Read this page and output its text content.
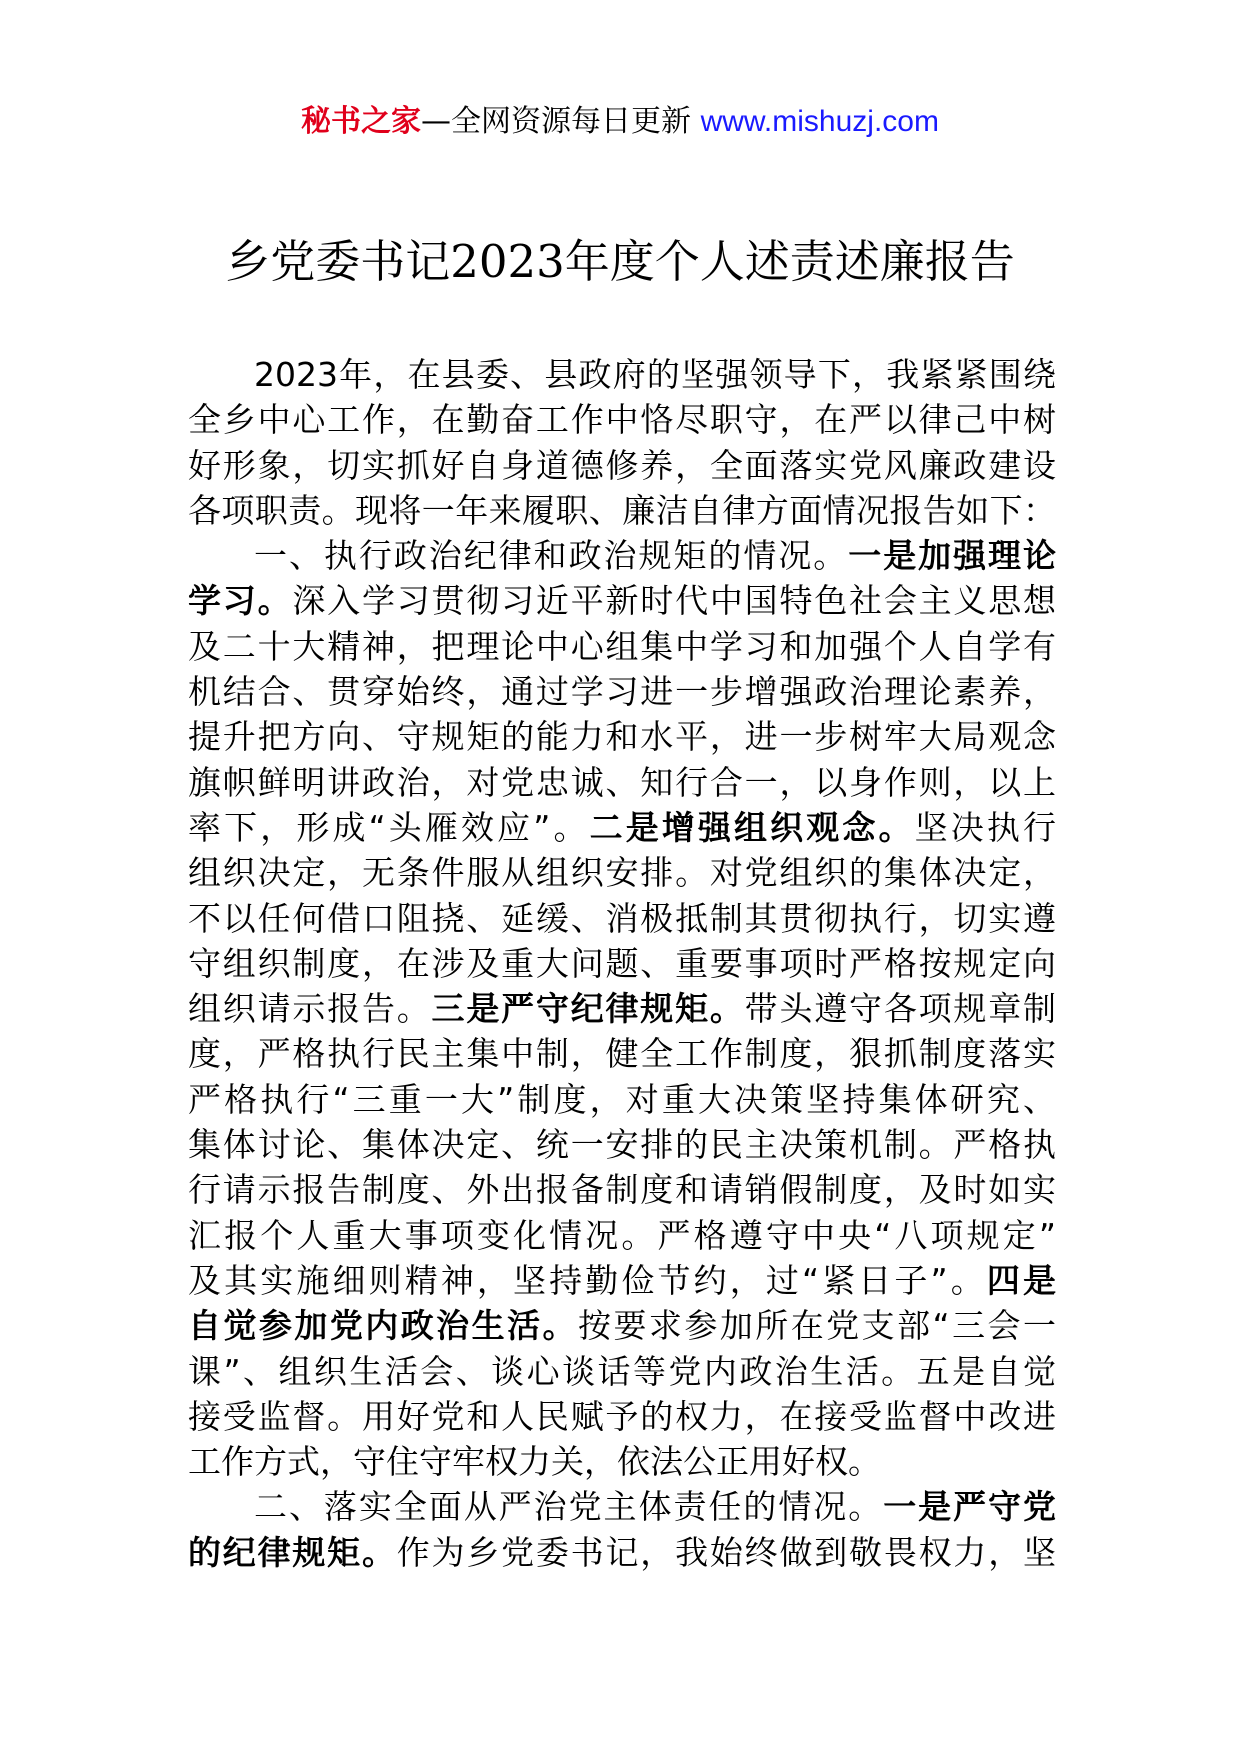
秘书之家—全网资源每日更新 www.mishuzj.com
乡党委书记2023年度个人述责述廉报告
2023年，在县委、县政府的坚强领导下，我紧紧围绕
全乡中心工作，在勤奋工作中恪尽职守，在严以律己中树
好形象，切实抓好自身道德修养，全面落实党风廉政建设
各项职责。现将一年来履职、廉洁自律方面情况报告如下：
一、执行政治纪律和政治规矩的情况。一是加强理论
学习。深入学习贯彻习近平新时代中国特色社会主义思想
及二十大精神，把理论中心组集中学习和加强个人自学有
机结合、贯穿始终，通过学习进一步增强政治理论素养，
提升把方向、守规矩的能力和水平，进一步树牢大局观念
旗帜鲜明讲政治，对党忠诚、知行合一，以身作则，以上
率下，形成“头雁效应”。二是增强组织观念。坚决执行
组织决定，无条件服从组织安排。对党组织的集体决定，
不以任何借口阻挠、延缓、消极抵制其贯彻执行，切实遵
守组织制度，在涉及重大问题、重要事项时严格按规定向
组织请示报告。三是严守纪律规矩。带头遵守各项规章制
度，严格执行民主集中制，健全工作制度，狠抓制度落实
严格执行“三重一大”制度，对重大决策坚持集体研究、
集体讨论、集体决定、统一安排的民主决策机制。严格执
行请示报告制度、外出报备制度和请销假制度，及时如实
汇报个人重大事项变化情况。严格遵守中央“八项规定”
及其实施细则精神，坚持勤俭节约，过“紧日子”。四是
自觉参加党内政治生活。按要求参加所在党支部“三会一
课”、组织生活会、谈心谈话等党内政治生活。五是自觉
接受监督。用好党和人民赋予的权力，在接受监督中改进
工作方式，守住守牢权力关，依法公正用好权。
二、落实全面从严治党主体责任的情况。一是严守党
的纪律规矩。作为乡党委书记，我始终做到敬畏权力，坚
